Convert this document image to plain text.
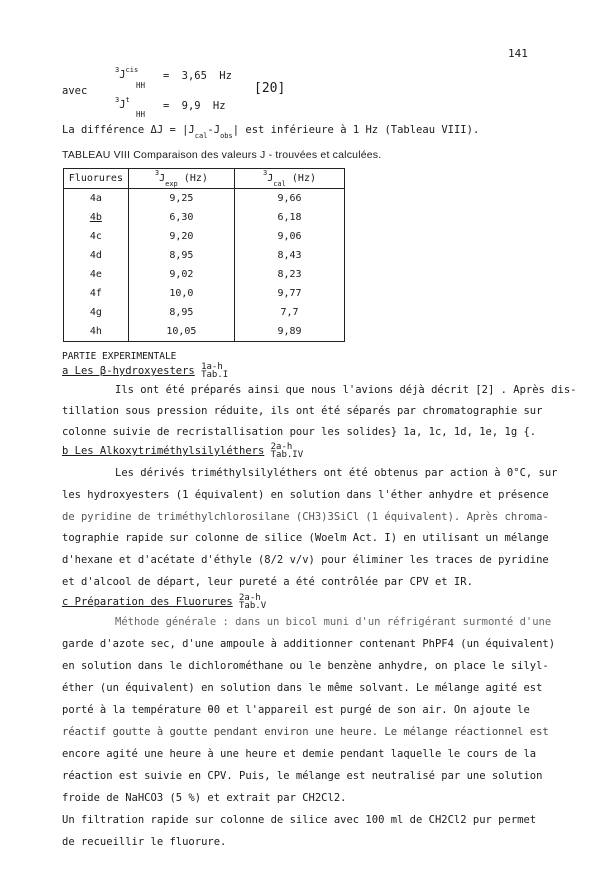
141
avec
$^3J^{cis}$
HH
= 3,65 Hz
[20]
$^3J^t$
HH
= 9,9 Hz
La différence $\Delta J = |J_{cal}-J_{obs}|$ est inférieure à 1 Hz (Tableau VIII).
TABLEAU VIII Comparaison des valeurs J - trouvées et calculées.
Fluorures	$^3J_{exp}$ (Hz)	$^3J_{cal}$ (Hz)
4a	9,25	9,66
4b	6,30	6,18
4c	9,20	9,06
4d	8,95	8,43
4e	9,02	8,23
4f	10,0	9,77
4g	8,95	7,7
4h	10,05	9,89
PARTIE EXPERIMENTALE
a Les β-hydroxyesters 1a-h
Tab.I
Ils ont été préparés ainsi que nous l'avions déjà décrit [2] . Après dis-
tillation sous pression réduite, ils ont été séparés par chromatographie sur
colonne suivie de recristallisation pour les solides} 1a, 1c, 1d, 1e, 1g {.
b Les Alkoxytriméthylsilyléthers 2a-h
Tab.IV
Les dérivés triméthylsilyléthers ont été obtenus par action à 0°C, sur
les hydroxyesters (1 équivalent) en solution dans l'éther anhydre et présence
de pyridine de triméthylchlorosilane (CH3)3SiCl (1 équivalent). Après chroma-
tographie rapide sur colonne de silice (Woelm Act. I) en utilisant un mélange
d'hexane et d'acétate d'éthyle (8/2 v/v) pour éliminer les traces de pyridine
et d'alcool de départ, leur pureté a été contrôlée par CPV et IR.
c Préparation des Fluorures 2a-h
Tab.V
Méthode générale : dans un bicol muni d'un réfrigérant surmonté d'une
garde d'azote sec, d'une ampoule à additionner contenant PhPF4 (un équivalent)
en solution dans le dichlorométhane ou le benzène anhydre, on place le silyl-
éther (un équivalent) en solution dans le même solvant. Le mélange agité est
porté à la température θ0 et l'appareil est purgé de son air. On ajoute le
réactif goutte à goutte pendant environ une heure. Le mélange réactionnel est
encore agité une heure à une heure et demie pendant laquelle le cours de la
réaction est suivie en CPV. Puis, le mélange est neutralisé par une solution
froide de NaHCO3 (5 %) et extrait par CH2Cl2.
Un filtration rapide sur colonne de silice avec 100 ml de CH2Cl2 pur permet
de recueillir le fluorure.
